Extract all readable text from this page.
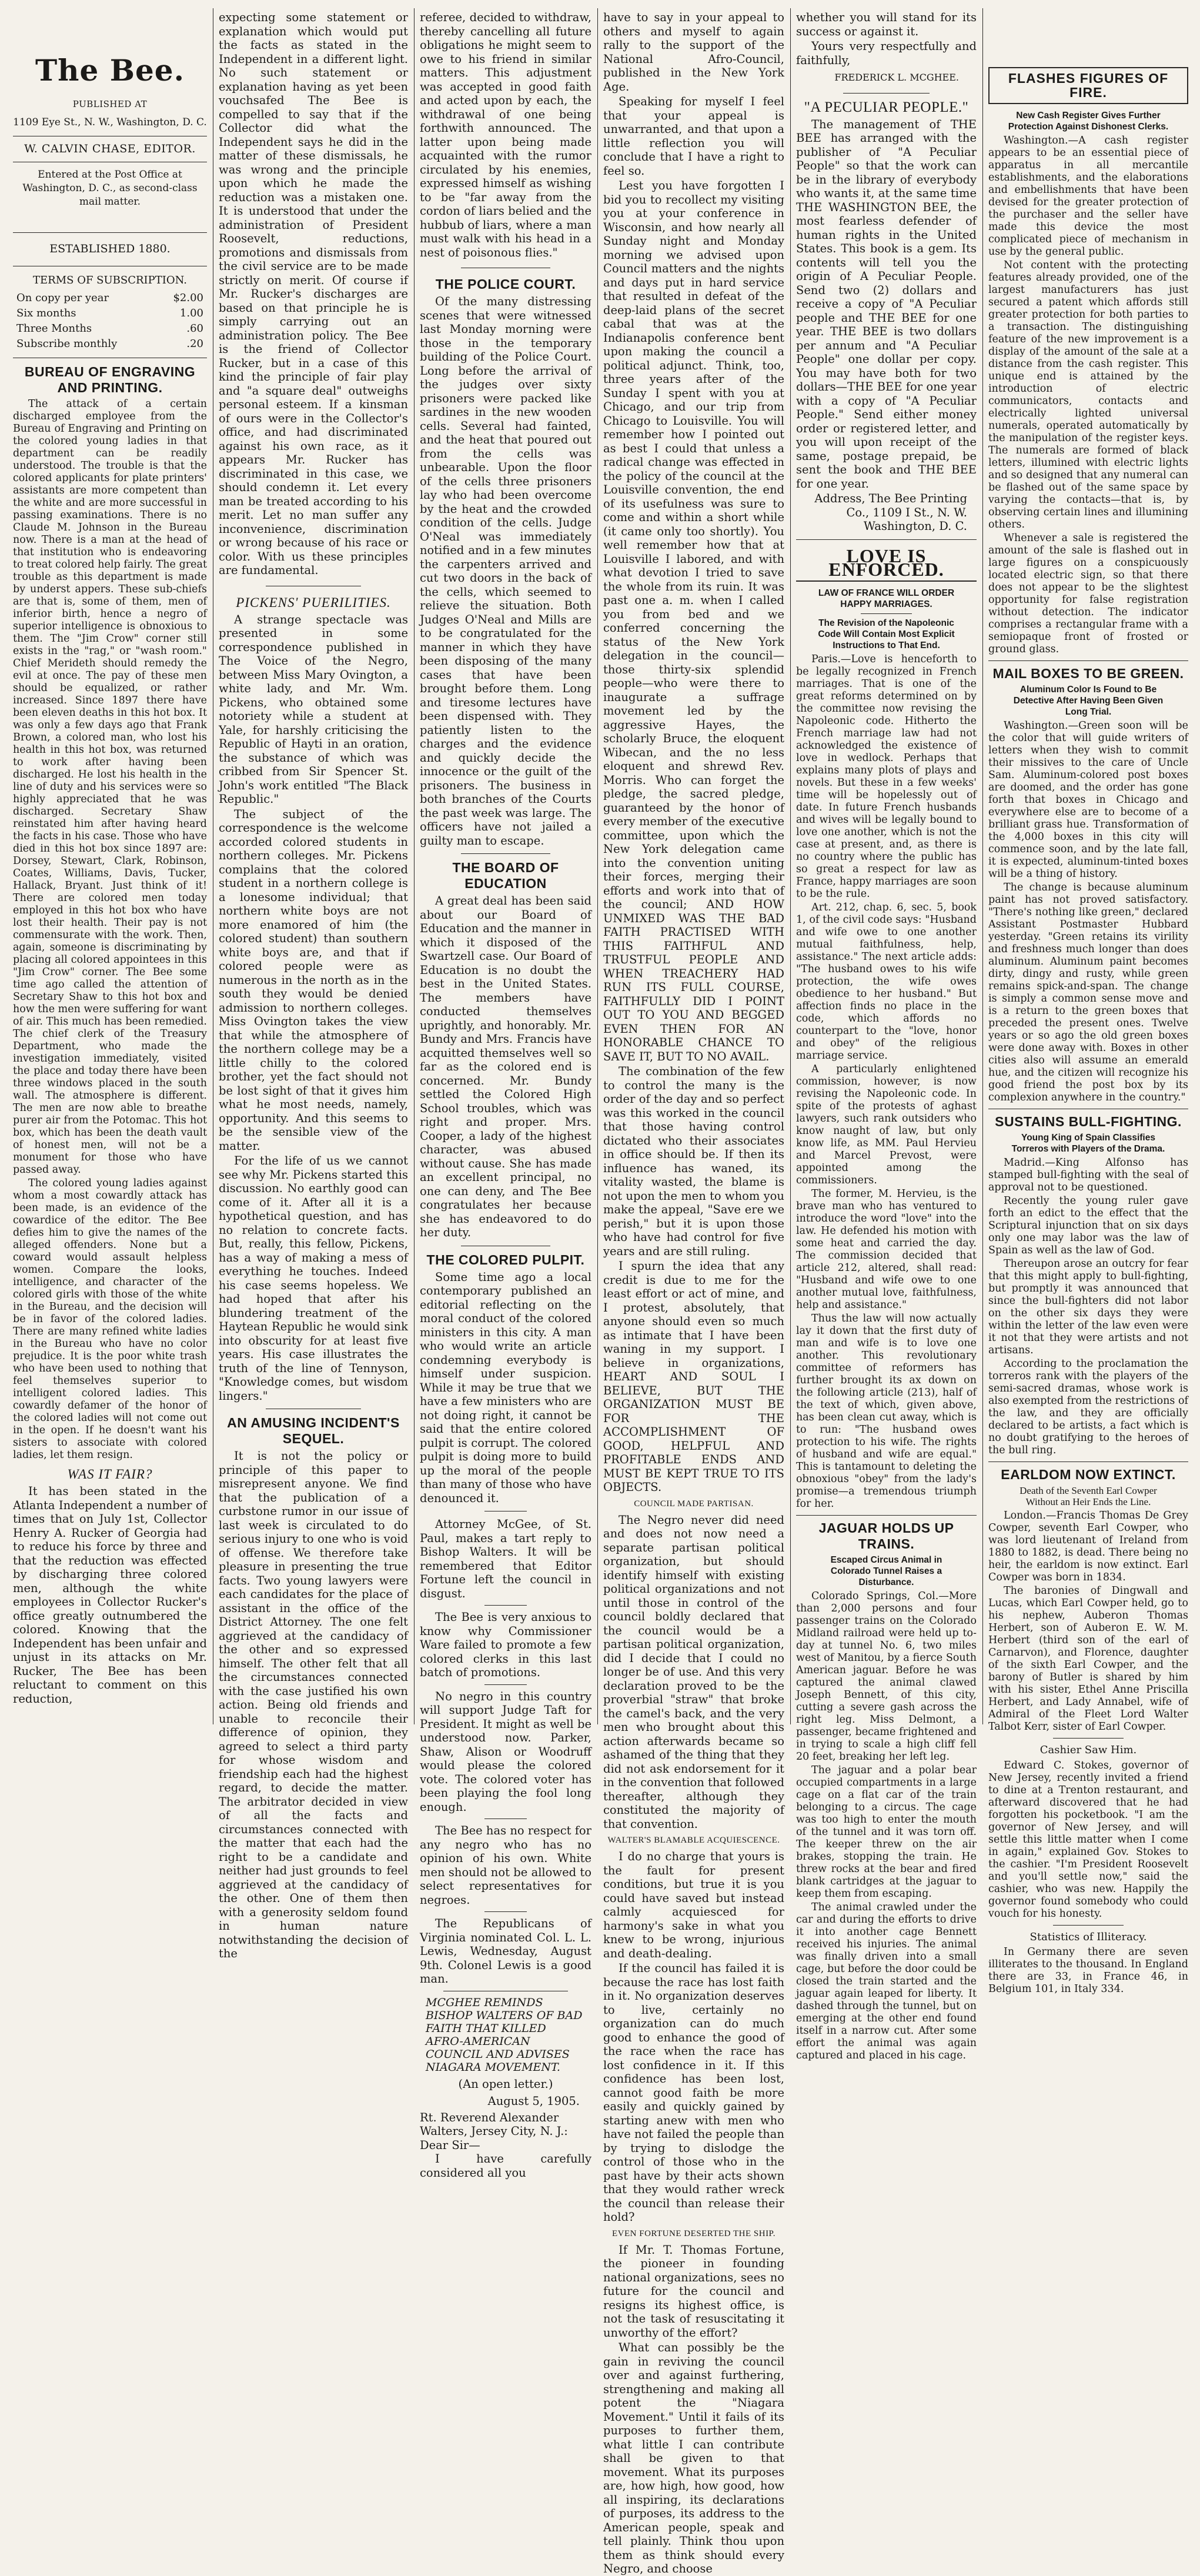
The Bee.
PUBLISHED AT
1109 Eye St., N. W., Washington, D. C.
W. CALVIN CHASE, EDITOR.
Entered at the Post Office at Washington, D. C., as second-class mail matter.
ESTABLISHED 1880.
TERMS OF SUBSCRIPTION.
On copy per year	$2.00
Six months	1.00
Three Months	.60
Subscribe monthly	.20
BUREAU OF ENGRAVING AND PRINTING.

The attack of a certain discharged employee from the Bureau of Engraving and Printing on the colored young ladies in that department can be readily understood. The trouble is that the colored applicants for plate printers' assistants are more competent than the white and are more successful in passing examinations. There is no Claude M. Johnson in the Bureau now. There is a man at the head of that institution who is endeavoring to treat colored help fairly. The great trouble as this department is made by underst appers. These sub-chiefs are that is, some of them, men of inferior birth, hence a negro of superior intelligence is obnoxious to them. The "Jim Crow" corner still exists in the "rag," or "wash room." Chief Merideth should remedy the evil at once. The pay of these men should be equalized, or rather increased. Since 1897 there have been eleven deaths in this hot box. It was only a few days ago that Frank Brown, a colored man, who lost his health in this hot box, was returned to work after having been discharged. He lost his health in the line of duty and his services were so highly appreciated that he was discharged. Secretary Shaw reinstated him after having heard the facts in his case. Those who have died in this hot box since 1897 are: Dorsey, Stewart, Clark, Robinson, Coates, Williams, Davis, Tucker, Hallack, Bryant. Just think of it! There are colored men today employed in this hot box who have lost their health. Their pay is not commensurate with the work. Then, again, someone is discriminating by placing all colored appointees in this "Jim Crow" corner. The Bee some time ago called the attention of Secretary Shaw to this hot box and how the men were suffering for want of air. This much has been remedied. The chief clerk of the Treasury Department, who made the investigation immediately, visited the place and today there have been three windows placed in the south wall. The atmosphere is different. The men are now able to breathe purer air from the Potomac. This hot box, which has been the death vault of honest men, will not be a monument for those who have passed away.

The colored young ladies against whom a most cowardly attack has been made, is an evidence of the cowardice of the editor. The Bee defies him to give the names of the alleged offenders. None but a coward would assault helpless women. Compare the looks, intelligence, and character of the colored girls with those of the white in the Bureau, and the decision will be in favor of the colored ladies. There are many refined white ladies in the Bureau who have no color prejudice. It is the poor white trash who have been used to nothing that feel themselves superior to intelligent colored ladies. This cowardly defamer of the honor of the colored ladies will not come out in the open. If he doesn't want his sisters to associate with colored ladies, let them resign.

WAS IT FAIR?

It has been stated in the Atlanta Independent a number of times that on July 1st, Collector Henry A. Rucker of Georgia had to reduce his force by three and that the reduction was effected by discharging three colored men, although the white employees in Collector Rucker's office greatly outnumbered the colored. Knowing that the Independent has been unfair and unjust in its attacks on Mr. Rucker, The Bee has been reluctant to comment on this reduction,

expecting some statement or explanation which would put the facts as stated in the Independent in a different light. No such statement or explanation having as yet been vouchsafed The Bee is compelled to say that if the Collector did what the Independent says he did in the matter of these dismissals, he was wrong and the principle upon which he made the reduction was a mistaken one. It is understood that under the administration of President Roosevelt, reductions, promotions and dismissals from the civil service are to be made strictly on merit. Of course if Mr. Rucker's discharges are based on that principle he is simply carrying out an administration policy. The Bee is the friend of Collector Rucker, but in a case of this kind the principle of fair play and "a square deal" outweighs personal esteem. If a kinsman of ours were in the Collector's office, and had discriminated against his own race, as it appears Mr. Rucker has discriminated in this case, we should condemn it. Let every man be treated according to his merit. Let no man suffer any inconvenience, discrimination or wrong because of his race or color. With us these principles are fundamental.

PICKENS' PUERILITIES.

A strange spectacle was presented in some correspondence published in The Voice of the Negro, between Miss Mary Ovington, a white lady, and Mr. Wm. Pickens, who obtained some notoriety while a student at Yale, for harshly criticising the Republic of Hayti in an oration, the substance of which was cribbed from Sir Spencer St. John's work entitled "The Black Republic."

The subject of the correspondence is the welcome accorded colored students in northern colleges. Mr. Pickens complains that the colored student in a northern college is a lonesome individual; that northern white boys are not more enamored of him (the colored student) than southern white boys are, and that if colored people were as numerous in the north as in the south they would be denied admission to northern colleges. Miss Ovington takes the view that while the atmosphere of the northern college may be a little chilly to the colored brother, yet the fact should not be lost sight of that it gives him what he most needs, namely, opportunity. And this seems to be the sensible view of the matter.

For the life of us we cannot see why Mr. Pickens started this discussion. No earthly good can come of it. After all it is a hypothetical question, and has no relation to concrete facts. But, really, this fellow, Pickens, has a way of making a mess of everything he touches. Indeed his case seems hopeless. We had hoped that after his blundering treatment of the Haytean Republic he would sink into obscurity for at least five years. His case illustrates the truth of the line of Tennyson, "Knowledge comes, but wisdom lingers."

AN AMUSING INCIDENT'S SEQUEL.

It is not the policy or principle of this paper to misrepresent anyone. We find that the publication of a curbstone rumor in our issue of last week is circulated to do serious injury to one who is void of offense. We therefore take pleasure in presenting the true facts. Two young lawyers were each candidates for the place of assistant in the office of the District Attorney. The one felt aggrieved at the candidacy of the other and so expressed himself. The other felt that all the circumstances connected with the case justified his own action. Being old friends and unable to reconcile their difference of opinion, they agreed to select a third party for whose wisdom and friendship each had the highest regard, to decide the matter. The arbitrator decided in view of all the facts and circumstances connected with the matter that each had the right to be a candidate and neither had just grounds to feel aggrieved at the candidacy of the other. One of them then with a generosity seldom found in human nature notwithstanding the decision of the

referee, decided to withdraw, thereby cancelling all future obligations he might seem to owe to his friend in similar matters. This adjustment was accepted in good faith and acted upon by each, the withdrawal of one being forthwith announced. The latter upon being made acquainted with the rumor circulated by his enemies, expressed himself as wishing to be "far away from the cordon of liars belied and the hubbub of liars, where a man must walk with his head in a nest of poisonous flies."

THE POLICE COURT.

Of the many distressing scenes that were witnessed last Monday morning were those in the temporary building of the Police Court. Long before the arrival of the judges over sixty prisoners were packed like sardines in the new wooden cells. Several had fainted, and the heat that poured out from the cells was unbearable. Upon the floor of the cells three prisoners lay who had been overcome by the heat and the crowded condition of the cells. Judge O'Neal was immediately notified and in a few minutes the carpenters arrived and cut two doors in the back of the cells, which seemed to relieve the situation. Both Judges O'Neal and Mills are to be congratulated for the manner in which they have been disposing of the many cases that have been brought before them. Long and tiresome lectures have been dispensed with. They patiently listen to the charges and the evidence and quickly decide the innocence or the guilt of the prisoners. The business in both branches of the Courts the past week was large. The officers have not jailed a guilty man to escape.

THE BOARD OF EDUCATION

A great deal has been said about our Board of Education and the manner in which it disposed of the Swartzell case. Our Board of Education is no doubt the best in the United States. The members have conducted themselves uprightly, and honorably. Mr. Bundy and Mrs. Francis have acquitted themselves well so far as the colored end is concerned. Mr. Bundy settled the Colored High School troubles, which was right and proper. Mrs. Cooper, a lady of the highest character, was abused without cause. She has made an excellent principal, no one can deny, and The Bee congratulates her because she has endeavored to do her duty.

THE COLORED PULPIT.

Some time ago a local contemporary published an editorial reflecting on the moral conduct of the colored ministers in this city. A man who would write an article condemning everybody is himself under suspicion. While it may be true that we have a few ministers who are not doing right, it cannot be said that the entire colored pulpit is corrupt. The colored pulpit is doing more to build up the moral of the people than many of those who have denounced it.

Attorney McGee, of St. Paul, makes a tart reply to Bishop Walters. It will be remembered that Editor Fortune left the council in disgust.

The Bee is very anxious to know why Commissioner Ware failed to promote a few colored clerks in this last batch of promotions.

No negro in this country will support Judge Taft for President. It might as well be understood now. Parker, Shaw, Alison or Woodruff would please the colored vote. The colored voter has been playing the fool long enough.

The Bee has no respect for any negro who has no opinion of his own. White men should not be allowed to select representatives for negroes.

The Republicans of Virginia nominated Col. L. L. Lewis, Wednesday, August 9th. Colonel Lewis is a good man.

MCGHEE REMINDS BISHOP WALTERS OF BAD FAITH THAT KILLED AFRO-AMERICAN COUNCIL AND ADVISES NIAGARA MOVEMENT.
(An open letter.)
August 5, 1905.
Rt. Reverend Alexander Walters, Jersey City, N. J.:
Dear Sir—

I have carefully considered all you

have to say in your appeal to others and myself to again rally to the support of the National Afro-Council, published in the New York Age.

Speaking for myself I feel that your appeal is unwarranted, and that upon a little reflection you will conclude that I have a right to feel so.

Lest you have forgotten I bid you to recollect my visiting you at your conference in Wisconsin, and how nearly all Sunday night and Monday morning we advised upon Council matters and the nights and days put in hard service that resulted in defeat of the deep-laid plans of the secret cabal that was at the Indianapolis conference bent upon making the council a political adjunct. Think, too, three years after of the Sunday I spent with you at Chicago, and our trip from Chicago to Louisville. You will remember how I pointed out as best I could that unless a radical change was effected in the policy of the council at the Louisville convention, the end of its usefulness was sure to come and within a short while (it came only too shortly). You well remember how that at Louisville I labored, and with what devotion I tried to save the whole from its ruin. It was past one a. m. when I called you from bed and we conferred concerning the status of the New York delegation in the council—those thirty-six splendid people—who were there to inaugurate a suffrage movement led by the aggressive Hayes, the scholarly Bruce, the eloquent Wibecan, and the no less eloquent and shrewd Rev. Morris. Who can forget the pledge, the sacred pledge, guaranteed by the honor of every member of the executive committee, upon which the New York delegation came into the convention uniting their forces, merging their efforts and work into that of the council; AND HOW UNMIXED WAS THE BAD FAITH PRACTISED WITH THIS FAITHFUL AND TRUSTFUL PEOPLE AND WHEN TREACHERY HAD RUN ITS FULL COURSE, FAITHFULLY DID I POINT OUT TO YOU AND BEGGED EVEN THEN FOR AN HONORABLE CHANCE TO SAVE IT, BUT TO NO AVAIL.

The combination of the few to control the many is the order of the day and so perfect was this worked in the council that those having control dictated who their associates in office should be. If then its influence has waned, its vitality wasted, the blame is not upon the men to whom you make the appeal, "Save ere we perish," but it is upon those who have had control for five years and are still ruling.

I spurn the idea that any credit is due to me for the least effort or act of mine, and I protest, absolutely, that anyone should even so much as intimate that I have been waning in my support. I believe in organizations, HEART AND SOUL I BELIEVE, BUT THE ORGANIZATION MUST BE FOR THE ACCOMPLISHMENT OF GOOD, HELPFUL AND PROFITABLE ENDS AND MUST BE KEPT TRUE TO ITS OBJECTS.

COUNCIL MADE PARTISAN.

The Negro never did need and does not now need a separate partisan political organization, but should identify himself with existing political organizations and not until those in control of the council boldly declared that the council would be a partisan political organization, did I decide that I could no longer be of use. And this very declaration proved to be the proverbial "straw" that broke the camel's back, and the very men who brought about this action afterwards became so ashamed of the thing that they did not ask endorsement for it in the convention that followed thereafter, although they constituted the majority of that convention.

WALTER'S BLAMABLE ACQUIESCENCE.

I do no charge that yours is the fault for present conditions, but true it is you could have saved but instead calmly acquiesced for harmony's sake in what you knew to be wrong, injurious and death-dealing.

If the council has failed it is because the race has lost faith in it. No organization deserves to live, certainly no organization can do much good to enhance the good of the race when the race has lost confidence in it. If this confidence has been lost, cannot good faith be more easily and quickly gained by starting anew with men who have not failed the people than by trying to dislodge the control of those who in the past have by their acts shown that they would rather wreck the council than release their hold?

EVEN FORTUNE DESERTED THE SHIP.

If Mr. T. Thomas Fortune, the pioneer in founding national organizations, sees no future for the council and resigns its highest office, is not the task of resuscitating it unworthy of the effort?

What can possibly be the gain in reviving the council over and against furthering, strengthening and making all potent the "Niagara Movement." Until it fails of its purposes to further them, what little I can contribute shall be given to that movement. What its purposes are, how high, how good, how all inspiring, its declarations of purposes, its address to the American people, speak and tell plainly. Think thou upon them as think should every Negro, and choose

whether you will stand for its success or against it.

Yours very respectfully and faithfully,

FREDERICK L. MCGHEE.
"A PECULIAR PEOPLE."

The management of THE BEE has arranged with the publisher of "A Peculiar People" so that the work can be in the library of everybody who wants it, at the same time THE WASHINGTON BEE, the most fearless defender of human rights in the United States. This book is a gem. Its contents will tell you the origin of A Peculiar People. Send two (2) dollars and receive a copy of "A Peculiar people and THE BEE for one year. THE BEE is two dollars per annum and "A Peculiar People" one dollar per copy. You may have both for two dollars—THE BEE for one year with a copy of "A Peculiar People." Send either money order or registered letter, and you will upon receipt of the same, postage prepaid, be sent the book and THE BEE for one year.

Address, The Bee Printing Co., 1109 I St., N. W. Washington, D. C.

LOVE IS ENFORCED.
LAW OF FRANCE WILL ORDER HAPPY MARRIAGES.
The Revision of the Napoleonic Code Will Contain Most Explicit Instructions to That End.

Paris.—Love is henceforth to be legally recognized in French marriages. That is one of the great reforms determined on by the committee now revising the Napoleonic code. Hitherto the French marriage law had not acknowledged the existence of love in wedlock. Perhaps that explains many plots of plays and novels. But these in a few weeks' time will be hopelessly out of date. In future French husbands and wives will be legally bound to love one another, which is not the case at present, and, as there is no country where the public has so great a respect for law as France, happy marriages are soon to be the rule.

Art. 212, chap. 6, sec. 5, book 1, of the civil code says: "Husband and wife owe to one another mutual faithfulness, help, assistance." The next article adds: "The husband owes to his wife protection, the wife owes obedience to her husband." But affection finds no place in the code, which affords no counterpart to the "love, honor and obey" of the religious marriage service.

A particularly enlightened commission, however, is now revising the Napoleonic code. In spite of the protests of aghast lawyers, such rank outsiders who know naught of law, but only know life, as MM. Paul Hervieu and Marcel Prevost, were appointed among the commissioners.

The former, M. Hervieu, is the brave man who has ventured to introduce the word "love" into the law. He defended his motion with some heat and carried the day. The commission decided that article 212, altered, shall read: "Husband and wife owe to one another mutual love, faithfulness, help and assistance."

Thus the law will now actually lay it down that the first duty of man and wife is to love one another. This revolutionary committee of reformers has further brought its ax down on the following article (213), half of the text of which, given above, has been clean cut away, which is to run: "The husband owes protection to his wife. The rights of husband and wife are equal." This is tantamount to deleting the obnoxious "obey" from the lady's promise—a tremendous triumph for her.

JAGUAR HOLDS UP TRAINS.
Escaped Circus Animal in Colorado Tunnel Raises a Disturbance.

Colorado Springs, Col.—More than 2,000 persons and four passenger trains on the Colorado Midland railroad were held up to-day at tunnel No. 6, two miles west of Manitou, by a fierce South American jaguar. Before he was captured the animal clawed Joseph Bennett, of this city, cutting a severe gash across the right leg. Miss Delmont, a passenger, became frightened and in trying to scale a high cliff fell 20 feet, breaking her left leg.

The jaguar and a polar bear occupied compartments in a large cage on a flat car of the train belonging to a circus. The cage was too high to enter the mouth of the tunnel and it was torn off. The keeper threw on the air brakes, stopping the train. He threw rocks at the bear and fired blank cartridges at the jaguar to keep them from escaping.

The animal crawled under the car and during the efforts to drive it into another cage Bennett received his injuries. The animal was finally driven into a small cage, but before the door could be closed the train started and the jaguar again leaped for liberty. It dashed through the tunnel, but on emerging at the other end found itself in a narrow cut. After some effort the animal was again captured and placed in his cage.

FLASHES FIGURES OF FIRE.
New Cash Register Gives Further Protection Against Dishonest Clerks.

Washington.—A cash register appears to be an essential piece of apparatus in all mercantile establishments, and the elaborations and embellishments that have been devised for the greater protection of the purchaser and the seller have made this device the most complicated piece of mechanism in use by the general public.

Not content with the protecting features already provided, one of the largest manufacturers has just secured a patent which affords still greater protection for both parties to a transaction. The distinguishing feature of the new improvement is a display of the amount of the sale at a distance from the cash register. This unique end is attained by the introduction of electric communicators, contacts and electrically lighted universal numerals, operated automatically by the manipulation of the register keys. The numerals are formed of black letters, illumined with electric lights and so designed that any numeral can be flashed out of the same space by varying the contacts—that is, by observing certain lines and illumining others.

Whenever a sale is registered the amount of the sale is flashed out in large figures on a conspicuously located electric sign, so that there does not appear to be the slightest opportunity for false registration without detection. The indicator comprises a rectangular frame with a semiopaque front of frosted or ground glass.

MAIL BOXES TO BE GREEN.
Aluminum Color Is Found to Be Detective After Having Been Given Long Trial.

Washington.—Green soon will be the color that will guide writers of letters when they wish to commit their missives to the care of Uncle Sam. Aluminum-colored post boxes are doomed, and the order has gone forth that boxes in Chicago and everywhere else are to become of a brilliant grass hue. Transformation of the 4,000 boxes in this city will commence soon, and by the late fall, it is expected, aluminum-tinted boxes will be a thing of history.

The change is because aluminum paint has not proved satisfactory. "There's nothing like green," declared Assistant Postmaster Hubbard yesterday. "Green retains its virility and freshness much longer than does aluminum. Aluminum paint becomes dirty, dingy and rusty, while green remains spick-and-span. The change is simply a common sense move and is a return to the green boxes that preceded the present ones. Twelve years or so ago the old green boxes were done away with. Boxes in other cities also will assume an emerald hue, and the citizen will recognize his good friend the post box by its complexion anywhere in the country."

SUSTAINS BULL-FIGHTING.
Young King of Spain Classifies Torreros with Players of the Drama.

Madrid.—King Alfonso has stamped bull-fighting with the seal of approval not to be questioned.

Recently the young ruler gave forth an edict to the effect that the Scriptural injunction that on six days only one may labor was the law of Spain as well as the law of God.

Thereupon arose an outcry for fear that this might apply to bull-fighting, but promptly it was announced that since the bull-fighters did not labor on the other six days they were within the letter of the law even were it not that they were artists and not artisans.

According to the proclamation the torreros rank with the players of the semi-sacred dramas, whose work is also exempted from the restrictions of the law, and they are officially declared to be artists, a fact which is no doubt gratifying to the heroes of the bull ring.

EARLDOM NOW EXTINCT.
Death of the Seventh Earl Cowper Without an Heir Ends the Line.

London.—Francis Thomas De Grey Cowper, seventh Earl Cowper, who was lord lieutenant of Ireland from 1880 to 1882, is dead. There being no heir, the earldom is now extinct. Earl Cowper was born in 1834.

The baronies of Dingwall and Lucas, which Earl Cowper held, go to his nephew, Auberon Thomas Herbert, son of Auberon E. W. M. Herbert (third son of the earl of Carnarvon), and Florence, daughter of the sixth Earl Cowper, and the barony of Butler is shared by him with his sister, Ethel Anne Priscilla Herbert, and Lady Annabel, wife of Admiral of the Fleet Lord Walter Talbot Kerr, sister of Earl Cowper.

Cashier Saw Him.

Edward C. Stokes, governor of New Jersey, recently invited a friend to dine at a Trenton restaurant, and afterward discovered that he had forgotten his pocketbook. "I am the governor of New Jersey, and will settle this little matter when I come in again," explained Gov. Stokes to the cashier. "I'm President Roosevelt and you'll settle now," said the cashier, who was new. Happily the governor found somebody who could vouch for his honesty.

Statistics of Illiteracy.

In Germany there are seven illiterates to the thousand. In England there are 33, in France 46, in Belgium 101, in Italy 334.
